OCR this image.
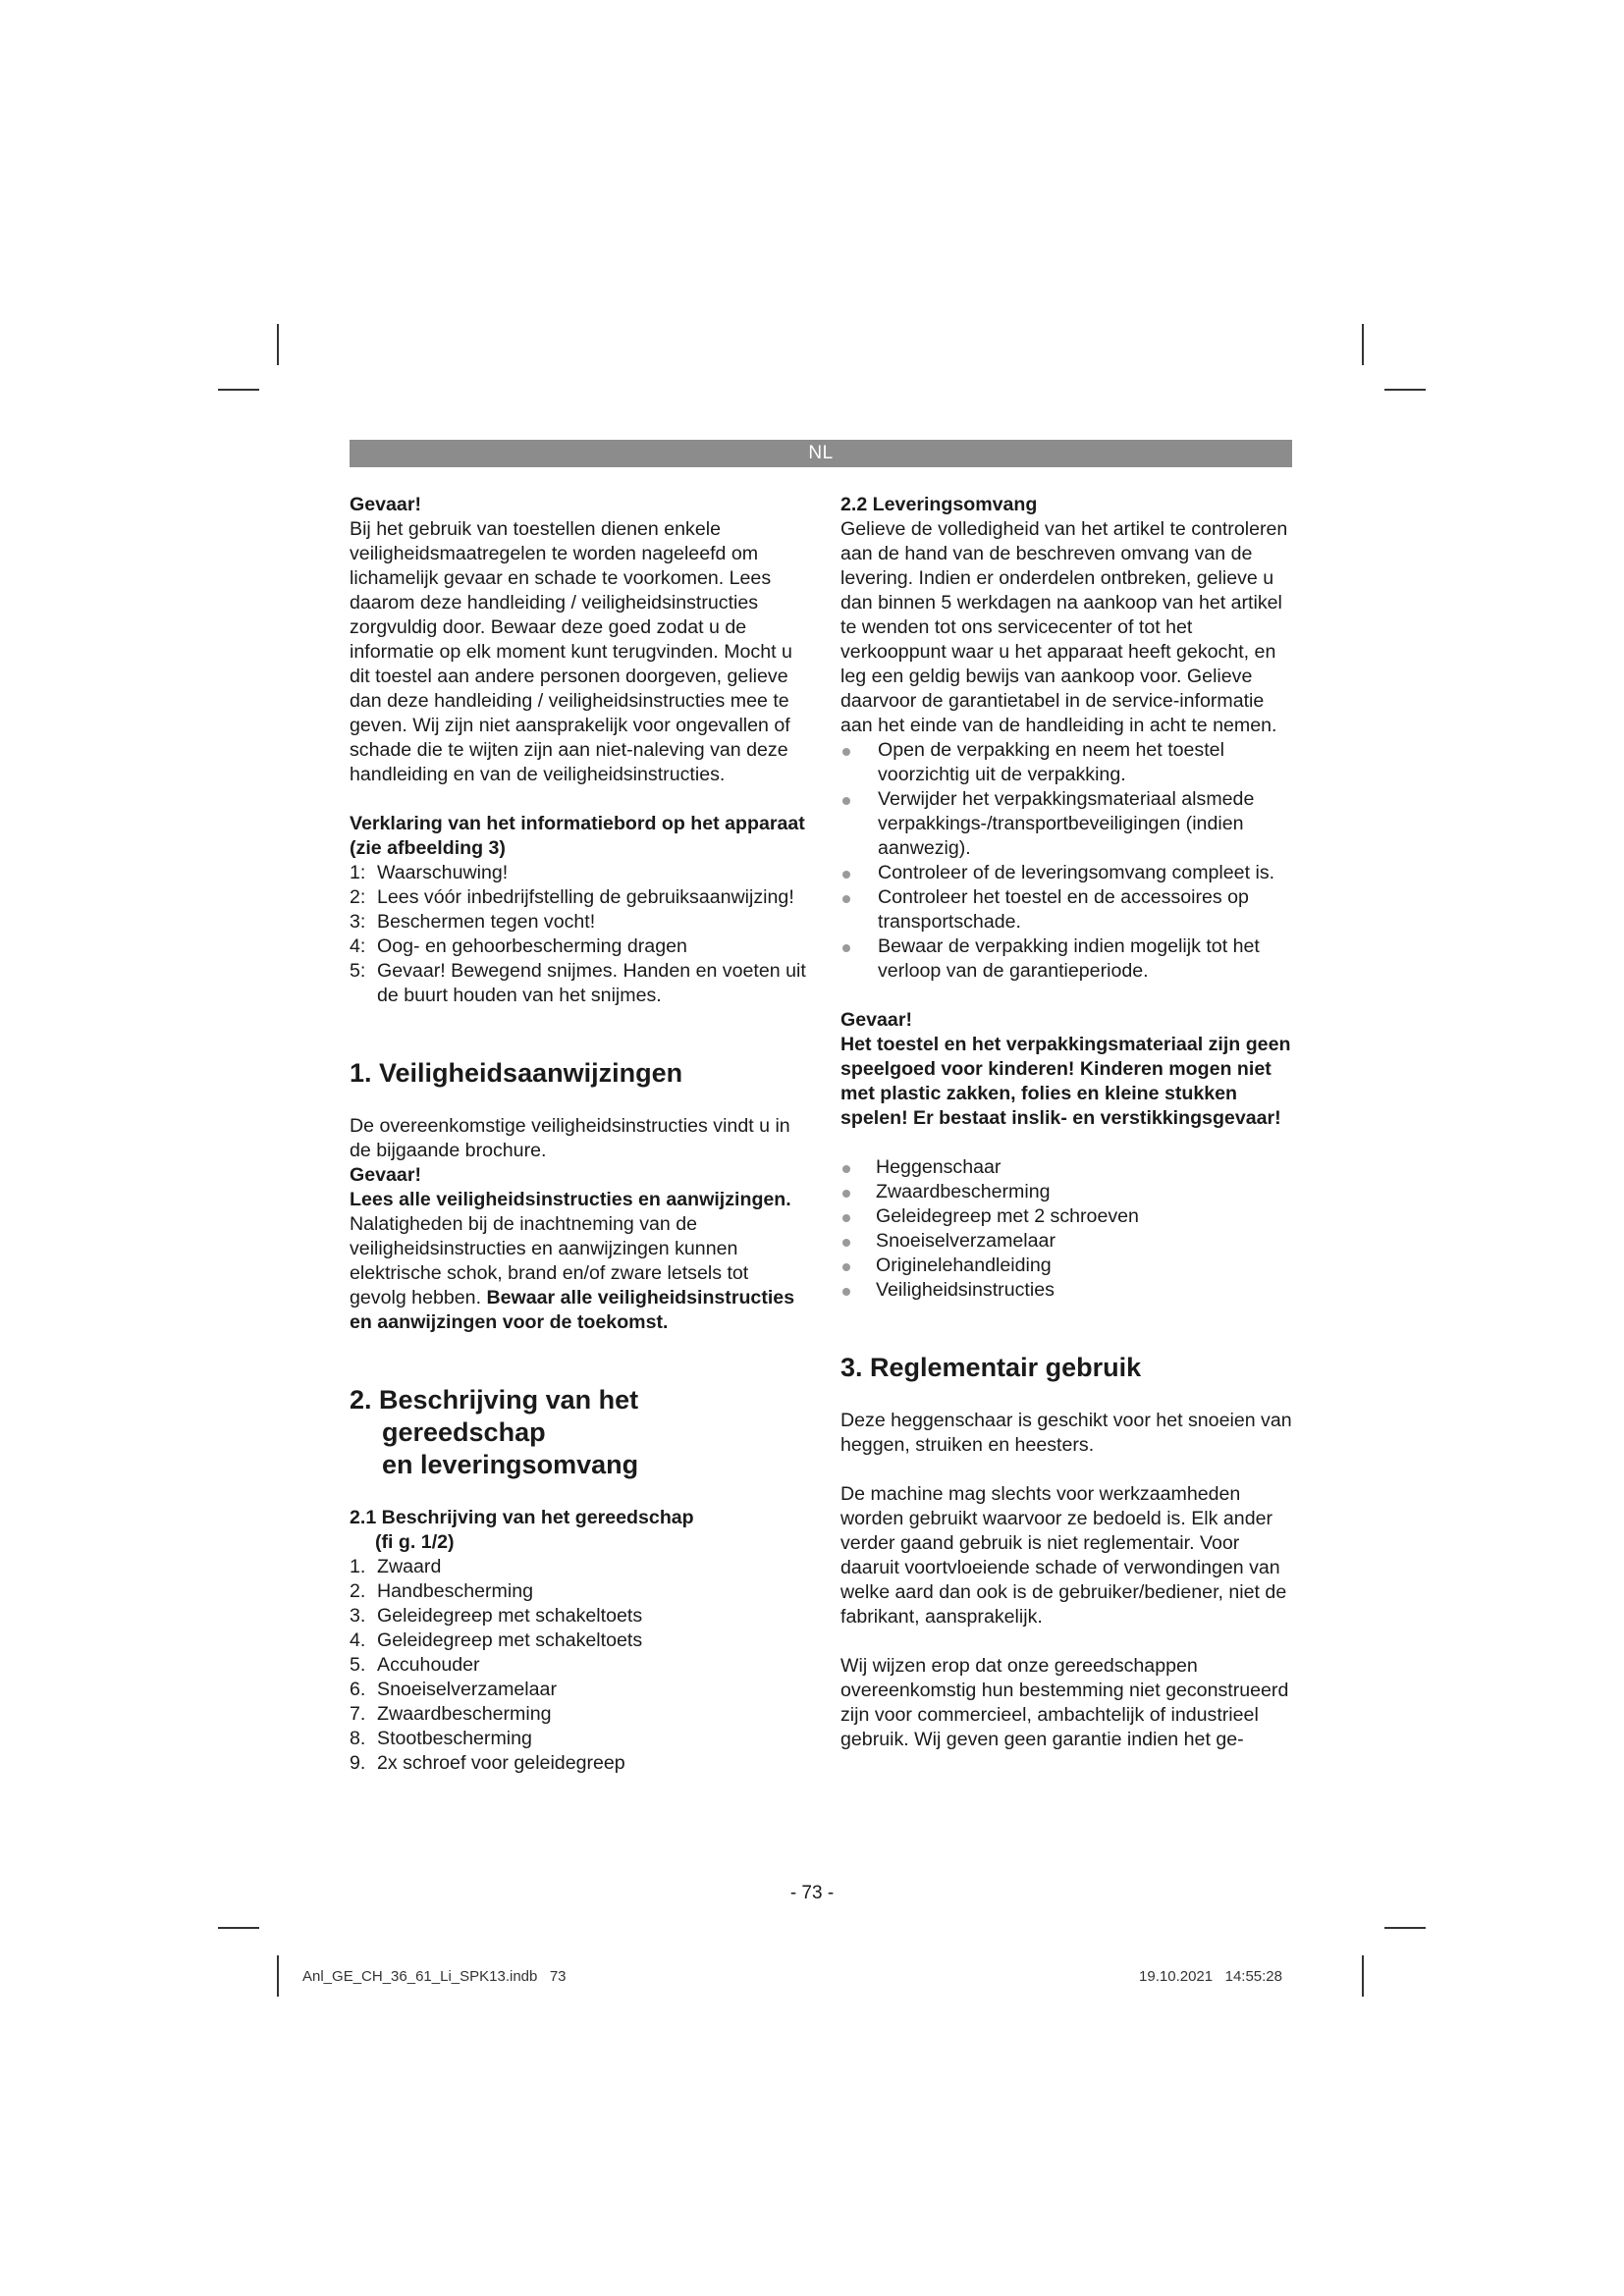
NL

Gevaar!

Bij het gebruik van toestellen dienen enkele veiligheidsmaatregelen te worden nageleefd om lichamelijk gevaar en schade te voorkomen. Lees daarom deze handleiding / veiligheidsinstructies zorgvuldig door. Bewaar deze goed zodat u de informatie op elk moment kunt terugvinden. Mocht u dit toestel aan andere personen doorgeven, gelieve dan deze handleiding / veiligheidsinstructies mee te geven. Wij zijn niet aansprakelijk voor ongevallen of schade die te wijten zijn aan niet-naleving van deze handleiding en van de veiligheidsinstructies.

Verklaring van het informatiebord op het apparaat (zie afbeelding 3)

1: Waarschuwing!
2: Lees vóór inbedrijfstelling de gebruiksaanwijzing!
3: Beschermen tegen vocht!
4: Oog- en gehoorbescherming dragen
5: Gevaar! Bewegend snijmes. Handen en voeten uit de buurt houden van het snijmes.
1. Veiligheidsaanwijzingen

De overeenkomstige veiligheidsinstructies vindt u in de bijgaande brochure.

Gevaar!

Lees alle veiligheidsinstructies en aanwijzingen. Nalatigheden bij de inachtneming van de veiligheidsinstructies en aanwijzingen kunnen elektrische schok, brand en/of zware letsels tot gevolg hebben. Bewaar alle veiligheidsinstructies en aanwijzingen voor de toekomst.

2. Beschrijving van het gereedschap
en leveringsomvang

2.1 Beschrijving van het gereedschap
(fi g. 1/2)

1. Zwaard
2. Handbescherming
3. Geleidegreep met schakeltoets
4. Geleidegreep met schakeltoets
5. Accuhouder
6. Snoeiselverzamelaar
7. Zwaardbescherming
8. Stootbescherming
9. 2x schroef voor geleidegreep

2.2 Leveringsomvang

Gelieve de volledigheid van het artikel te controleren aan de hand van de beschreven omvang van de levering. Indien er onderdelen ontbreken, gelieve u dan binnen 5 werkdagen na aankoop van het artikel te wenden tot ons servicecenter of tot het verkooppunt waar u het apparaat heeft gekocht, en leg een geldig bewijs van aankoop voor. Gelieve daarvoor de garantietabel in de service-informatie aan het einde van de handleiding in acht te nemen.

Open de verpakking en neem het toestel voorzichtig uit de verpakking.
Verwijder het verpakkingsmateriaal alsmede verpakkings-/transportbeveiligingen (indien aanwezig).
Controleer of de leveringsomvang compleet is.
Controleer het toestel en de accessoires op transportschade.
Bewaar de verpakking indien mogelijk tot het verloop van de garantieperiode.

Gevaar!

Het toestel en het verpakkingsmateriaal zijn geen speelgoed voor kinderen! Kinderen mogen niet met plastic zakken, folies en kleine stukken spelen! Er bestaat inslik- en verstikkingsgevaar!

Heggenschaar
Zwaardbescherming
Geleidegreep met 2 schroeven
Snoeiselverzamelaar
Originelehandleiding
Veiligheidsinstructies
3. Reglementair gebruik

Deze heggenschaar is geschikt voor het snoeien van heggen, struiken en heesters.

De machine mag slechts voor werkzaamheden worden gebruikt waarvoor ze bedoeld is. Elk ander verder gaand gebruik is niet reglementair. Voor daaruit voortvloeiende schade of verwondingen van welke aard dan ook is de gebruiker/bediener, niet de fabrikant, aansprakelijk.

Wij wijzen erop dat onze gereedschappen overeenkomstig hun bestemming niet geconstrueerd zijn voor commercieel, ambachtelijk of industrieel gebruik. Wij geven geen garantie indien het ge-

- 73 -
Anl_GE_CH_36_61_Li_SPK13.indb   73	19.10.2021   14:55:28
